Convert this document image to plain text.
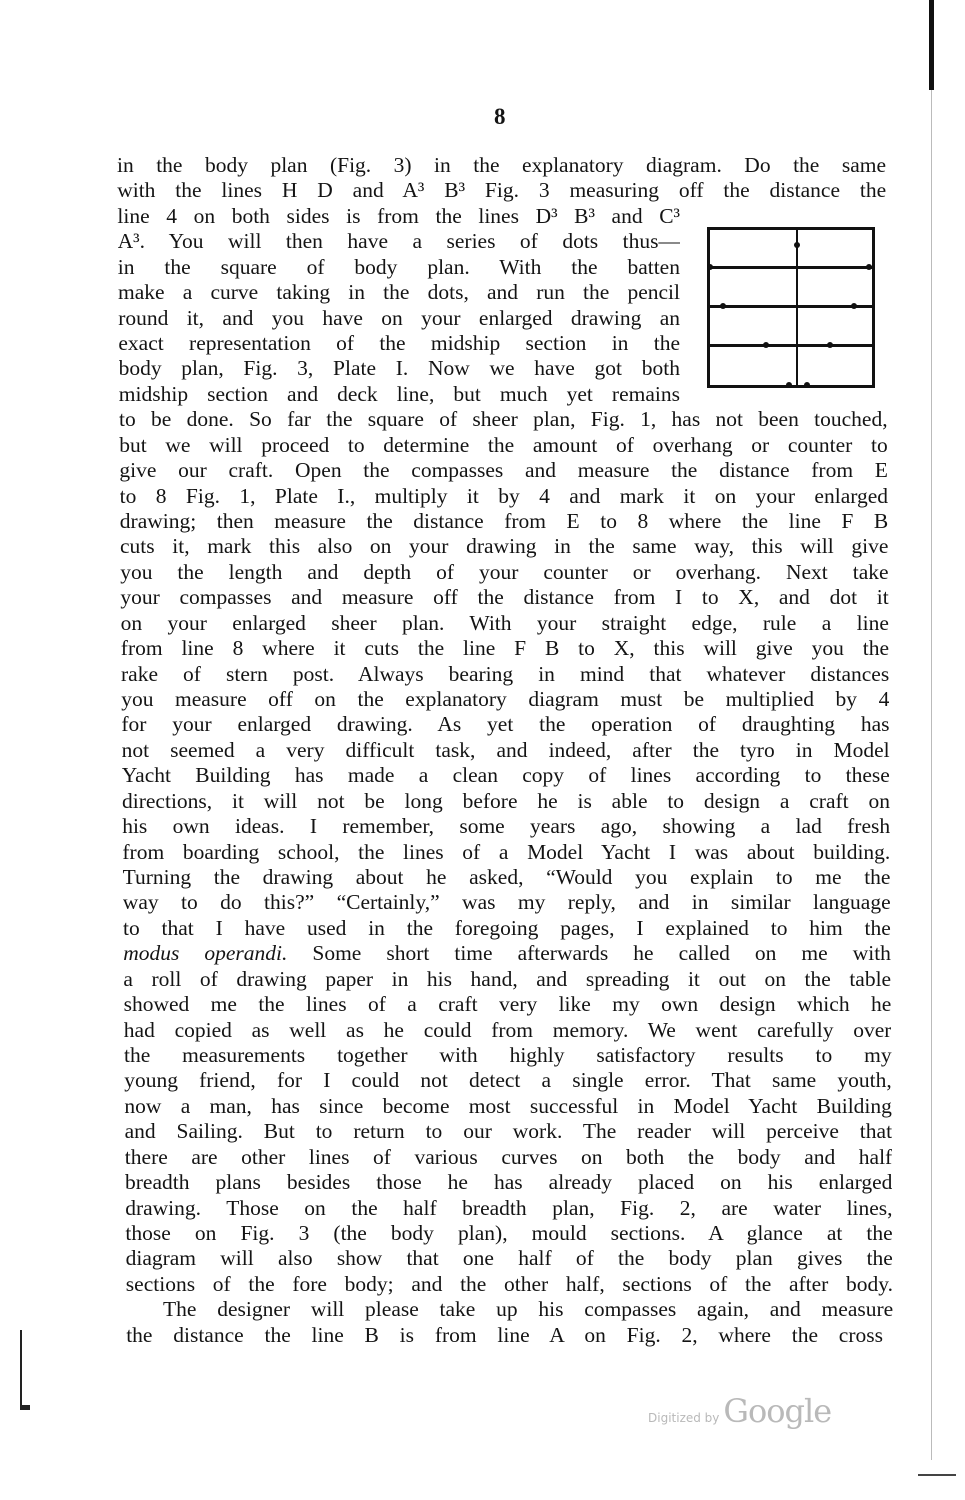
8
in the body plan (Fig. 3) in the explanatory diagram. Do the same
with the lines H D and A³ B³ Fig. 3 measuring off the distance the
line 4 on both sides is from the lines D³ B³ and C³
A³. You will then have a series of dots thus—
in the square of body plan. With the batten
make a curve taking in the dots, and run the pencil
round it, and you have on your enlarged drawing an
exact representation of the midship section in the
body plan, Fig. 3, Plate I. Now we have got both
midship section and deck line, but much yet remains
to be done. So far the square of sheer plan, Fig. 1, has not been touched,
but we will proceed to determine the amount of overhang or counter to
give our craft. Open the compasses and measure the distance from E
to 8 Fig. 1, Plate I., multiply it by 4 and mark it on your enlarged
drawing; then measure the distance from E to 8 where the line F B
cuts it, mark this also on your drawing in the same way, this will give
you the length and depth of your counter or overhang. Next take
your compasses and measure off the distance from I to X, and dot it
on your enlarged sheer plan. With your straight edge, rule a line
from line 8 where it cuts the line F B to X, this will give you the
rake of stern post. Always bearing in mind that whatever distances
you measure off on the explanatory diagram must be multiplied by 4
for your enlarged drawing. As yet the operation of draughting has
not seemed a very difficult task, and indeed, after the tyro in Model
Yacht Building has made a clean copy of lines according to these
directions, it will not be long before he is able to design a craft on
his own ideas. I remember, some years ago, showing a lad fresh
from boarding school, the lines of a Model Yacht I was about building.
Turning the drawing about he asked, “Would you explain to me the
way to do this?” “Certainly,” was my reply, and in similar language
to that I have used in the foregoing pages, I explained to him the
modus operandi. Some short time afterwards he called on me with
a roll of drawing paper in his hand, and spreading it out on the table
showed me the lines of a craft very like my own design which he
had copied as well as he could from memory. We went carefully over
the measurements together with highly satisfactory results to my
young friend, for I could not detect a single error. That same youth,
now a man, has since become most successful in Model Yacht Building
and Sailing. But to return to our work. The reader will perceive that
there are other lines of various curves on both the body and half
breadth plans besides those he has already placed on his enlarged
drawing. Those on the half breadth plan, Fig. 2, are water lines,
those on Fig. 3 (the body plan), mould sections. A glance at the
diagram will also show that one half of the body plan gives the
sections of the fore body; and the other half, sections of the after body.
The designer will please take up his compasses again, and measure
the distance the line B is from line A on Fig. 2, where the cross
Digitized by Google
